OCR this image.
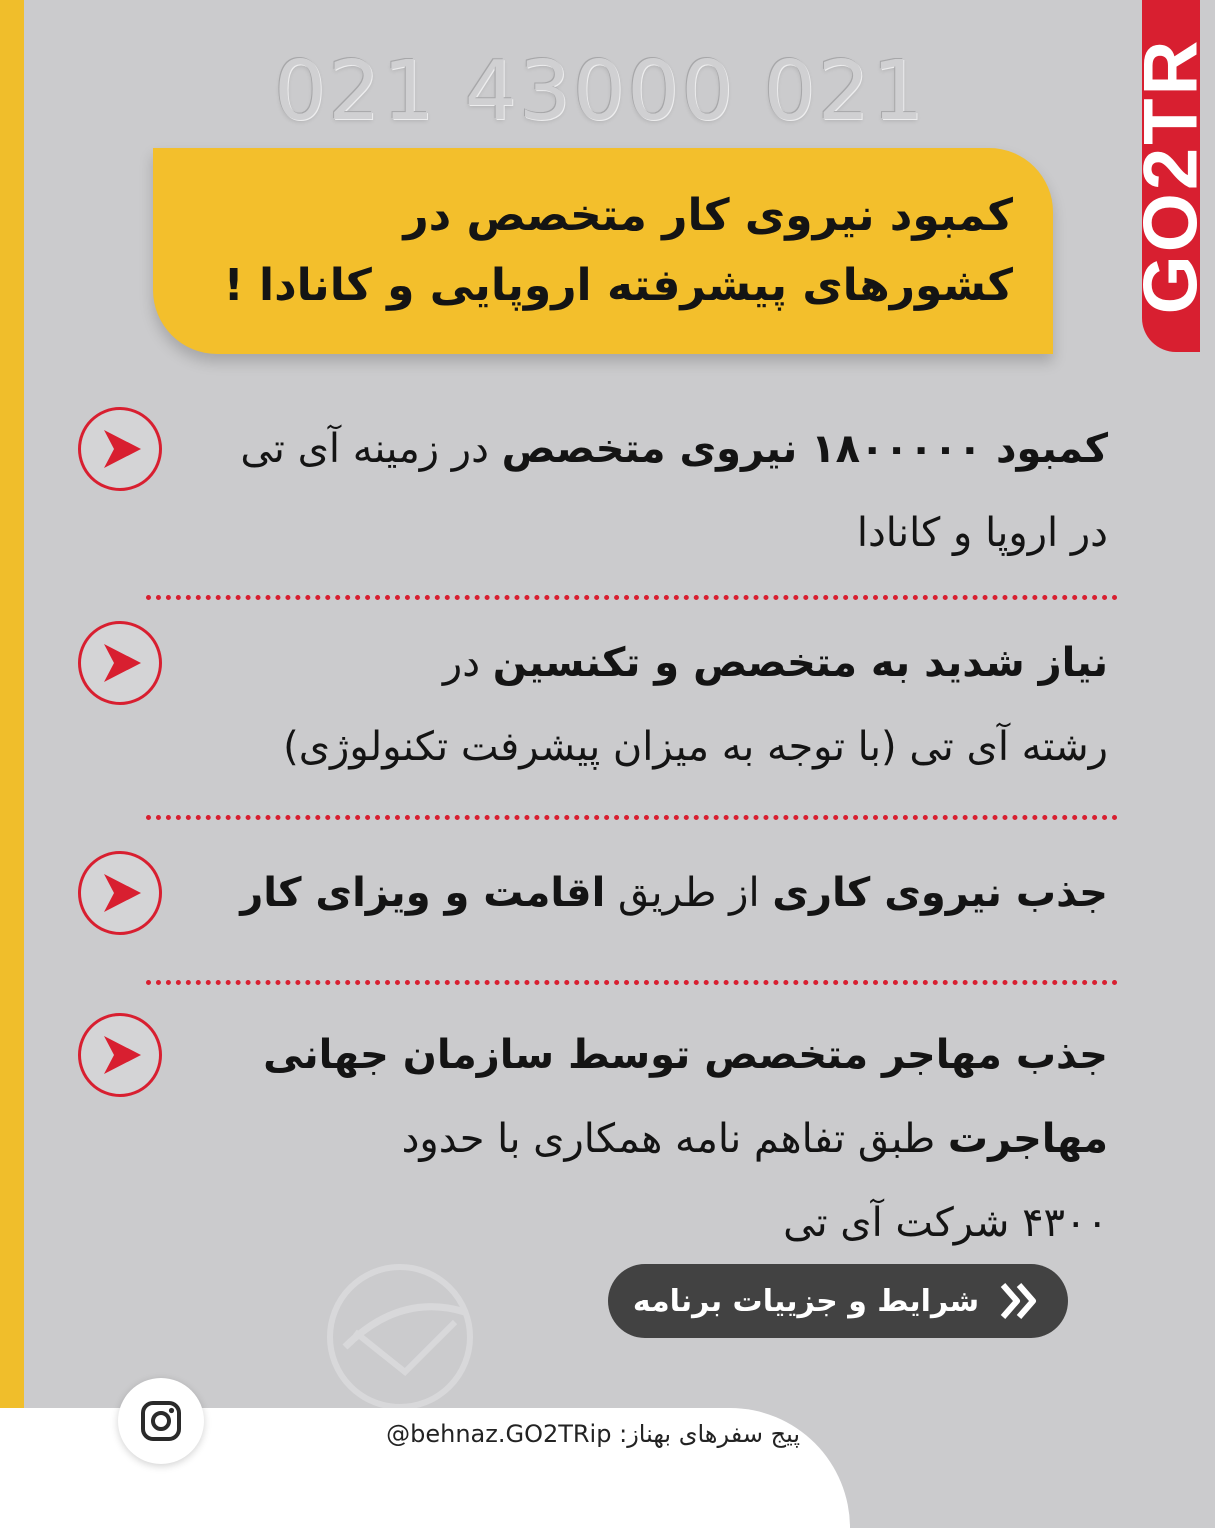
GO2TR
021 43000 021
کمبود نیروی کار متخصص در
کشورهای پیشرفته اروپایی و کانادا !
کمبود ۱۸۰۰۰۰۰ نیروی متخصص در زمینه آی تی
در اروپا و کانادا
نیاز شدید به متخصص و تکنسین در
رشته آی تی (با توجه به میزان پیشرفت تکنولوژی)
جذب نیروی کاری از طریق اقامت و ویزای کار
جذب مهاجر متخصص توسط سازمان جهانی
مهاجرت طبق تفاهم نامه همکاری با حدود
۴۳۰۰ شرکت آی تی
شرایط و جزییات برنامه
پیج سفرهای بهناز: @behnaz.GO2TRip
